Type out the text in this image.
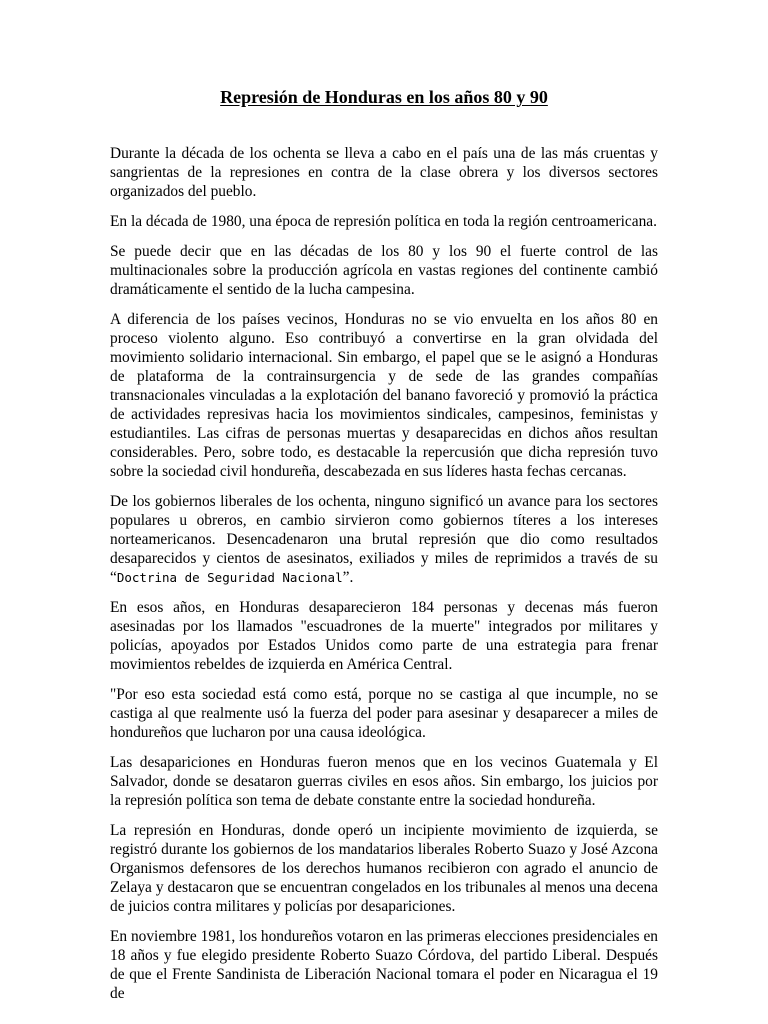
Represión de Honduras en los años 80 y 90

Durante la década de los ochenta se lleva a cabo en el país una de las más cruentas y sangrientas de la represiones en contra de la clase obrera y los diversos sectores organizados del pueblo.

En la década de 1980, una época de represión política en toda la región centroamericana.

Se puede decir que en las décadas de los 80 y los 90 el fuerte control de las multinacionales sobre la producción agrícola en vastas regiones del continente cambió dramáticamente el sentido de la lucha campesina.

A diferencia de los países vecinos, Honduras no se vio envuelta en los años 80 en proceso violento alguno. Eso contribuyó a convertirse en la gran olvidada del movimiento solidario internacional. Sin embargo, el papel que se le asignó a Honduras de plataforma de la contrainsurgencia y de sede de las grandes compañías transnacionales vinculadas a la explotación del banano favoreció y promovió la práctica de actividades represivas hacia los movimientos sindicales, campesinos, feministas y estudiantiles. Las cifras de personas muertas y desaparecidas en dichos años resultan considerables. Pero, sobre todo, es destacable la repercusión que dicha represión tuvo sobre la sociedad civil hondureña, descabezada en sus líderes hasta fechas cercanas.

De los gobiernos liberales de los ochenta, ninguno significó un avance para los sectores populares u obreros, en cambio sirvieron como gobiernos títeres a los intereses norteamericanos. Desencadenaron una brutal represión que dio como resultados desaparecidos y cientos de asesinatos, exiliados y miles de reprimidos a través de su “Doctrina de Seguridad Nacional”.

En esos años, en Honduras desaparecieron 184 personas y decenas más fueron asesinadas por los llamados "escuadrones de la muerte" integrados por militares y policías, apoyados por Estados Unidos como parte de una estrategia para frenar movimientos rebeldes de izquierda en América Central.

"Por eso esta sociedad está como está, porque no se castiga al que incumple, no se castiga al que realmente usó la fuerza del poder para asesinar y desaparecer a miles de hondureños que lucharon por una causa ideológica.

Las desapariciones en Honduras fueron menos que en los vecinos Guatemala y El Salvador, donde se desataron guerras civiles en esos años. Sin embargo, los juicios por la represión política son tema de debate constante entre la sociedad hondureña.

La represión en Honduras, donde operó un incipiente movimiento de izquierda, se registró durante los gobiernos de los mandatarios liberales Roberto Suazo y José Azcona Organismos defensores de los derechos humanos recibieron con agrado el anuncio de Zelaya y destacaron que se encuentran congelados en los tribunales al menos una decena de juicios contra militares y policías por desapariciones.

En noviembre 1981, los hondureños votaron en las primeras elecciones presidenciales en 18 años y fue elegido presidente Roberto Suazo Córdova, del partido Liberal. Después de que el Frente Sandinista de Liberación Nacional tomara el poder en Nicaragua el 19 de
